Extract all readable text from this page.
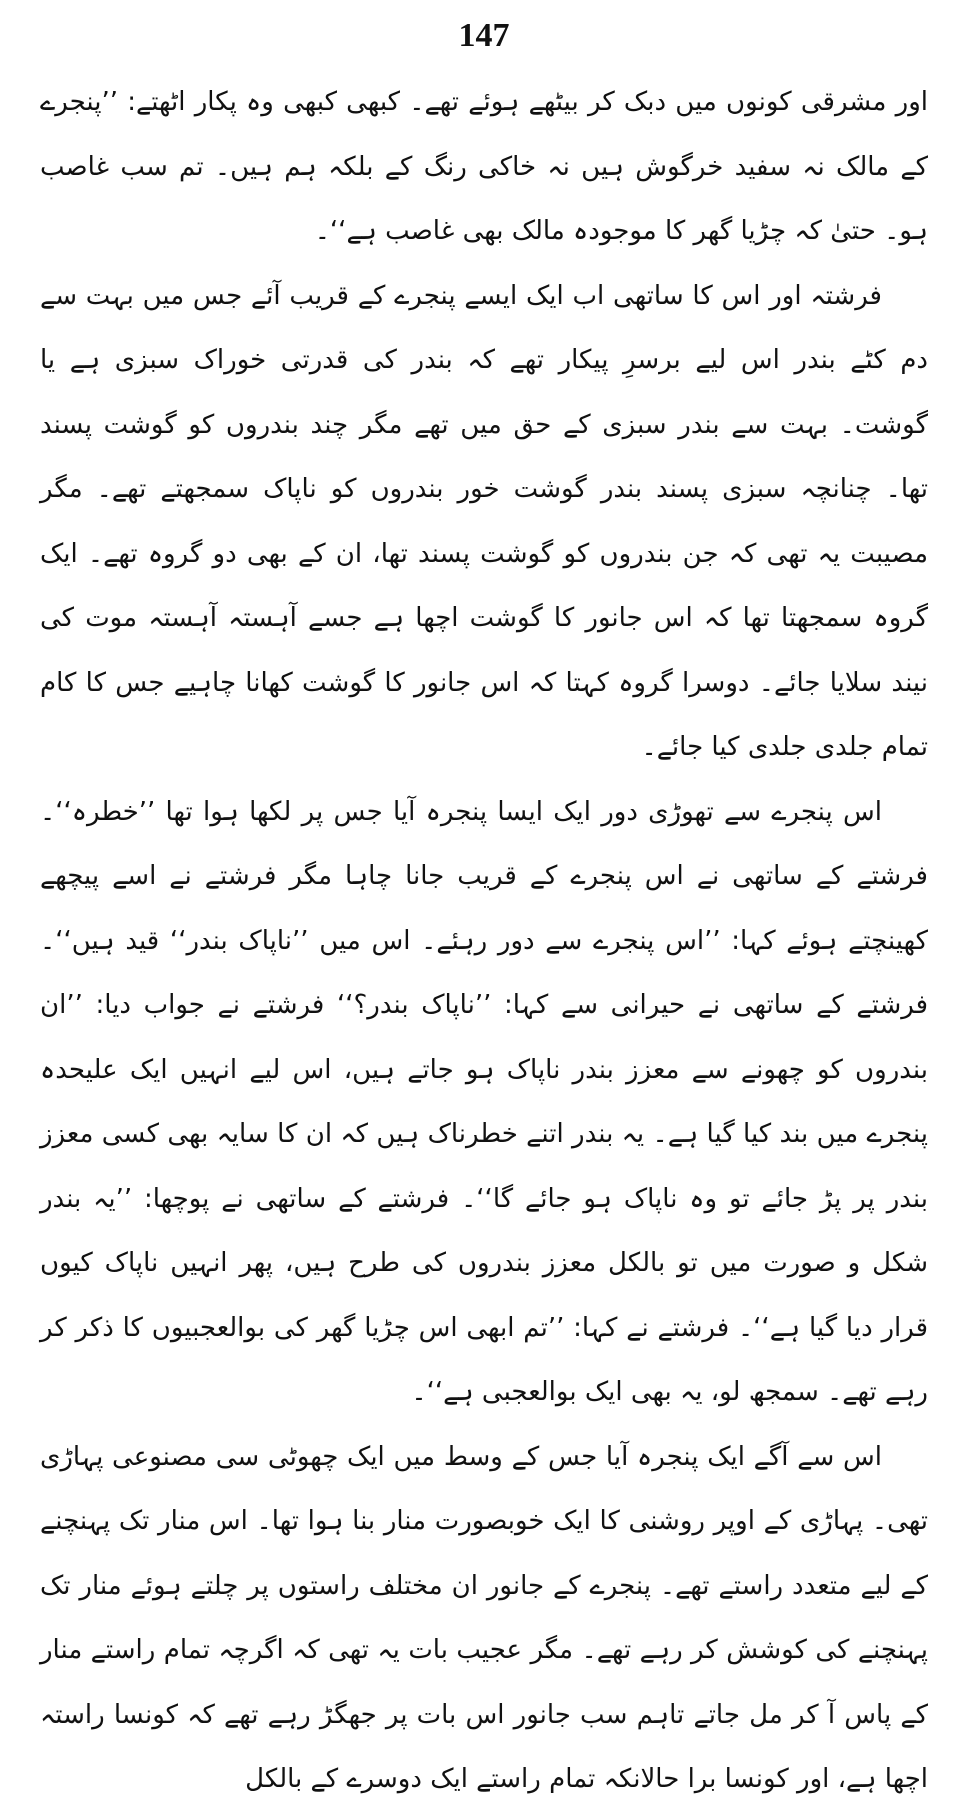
147

اور مشرقی کونوں میں دبک کر بیٹھے ہوئے تھے۔ کبھی کبھی وہ پکار اٹھتے: ’’پنجرے کے مالک نہ سفید خرگوش ہیں نہ خاکی رنگ کے بلکہ ہم ہیں۔ تم سب غاصب ہو۔ حتیٰ کہ چڑیا گھر کا موجودہ مالک بھی غاصب ہے‘‘۔

فرشتہ اور اس کا ساتھی اب ایک ایسے پنجرے کے قریب آئے جس میں بہت سے دم کٹے بندر اس لیے برسرِ پیکار تھے کہ بندر کی قدرتی خوراک سبزی ہے یا گوشت۔ بہت سے بندر سبزی کے حق میں تھے مگر چند بندروں کو گوشت پسند تھا۔ چنانچہ سبزی پسند بندر گوشت خور بندروں کو ناپاک سمجھتے تھے۔ مگر مصیبت یہ تھی کہ جن بندروں کو گوشت پسند تھا، ان کے بھی دو گروہ تھے۔ ایک گروہ سمجھتا تھا کہ اس جانور کا گوشت اچھا ہے جسے آہستہ آہستہ موت کی نیند سلایا جائے۔ دوسرا گروہ کہتا کہ اس جانور کا گوشت کھانا چاہیے جس کا کام تمام جلدی جلدی کیا جائے۔

اس پنجرے سے تھوڑی دور ایک ایسا پنجرہ آیا جس پر لکھا ہوا تھا ’’خطرہ‘‘۔ فرشتے کے ساتھی نے اس پنجرے کے قریب جانا چاہا مگر فرشتے نے اسے پیچھے کھینچتے ہوئے کہا: ’’اس پنجرے سے دور رہئے۔ اس میں ’’ناپاک بندر‘‘ قید ہیں‘‘۔ فرشتے کے ساتھی نے حیرانی سے کہا: ’’ناپاک بندر؟‘‘ فرشتے نے جواب دیا: ’’ان بندروں کو چھونے سے معزز بندر ناپاک ہو جاتے ہیں، اس لیے انہیں ایک علیحدہ پنجرے میں بند کیا گیا ہے۔ یہ بندر اتنے خطرناک ہیں کہ ان کا سایہ بھی کسی معزز بندر پر پڑ جائے تو وہ ناپاک ہو جائے گا‘‘۔ فرشتے کے ساتھی نے پوچھا: ’’یہ بندر شکل و صورت میں تو بالکل معزز بندروں کی طرح ہیں، پھر انہیں ناپاک کیوں قرار دیا گیا ہے‘‘۔ فرشتے نے کہا: ’’تم ابھی اس چڑیا گھر کی بوالعجبیوں کا ذکر کر رہے تھے۔ سمجھ لو، یہ بھی ایک بوالعجبی ہے‘‘۔

اس سے آگے ایک پنجرہ آیا جس کے وسط میں ایک چھوٹی سی مصنوعی پہاڑی تھی۔ پہاڑی کے اوپر روشنی کا ایک خوبصورت منار بنا ہوا تھا۔ اس منار تک پہنچنے کے لیے متعدد راستے تھے۔ پنجرے کے جانور ان مختلف راستوں پر چلتے ہوئے منار تک پہنچنے کی کوشش کر رہے تھے۔ مگر عجیب بات یہ تھی کہ اگرچہ تمام راستے منار کے پاس آ کر مل جاتے تاہم سب جانور اس بات پر جھگڑ رہے تھے کہ کونسا راستہ اچھا ہے، اور کونسا برا حالانکہ تمام راستے ایک دوسرے کے بالکل
